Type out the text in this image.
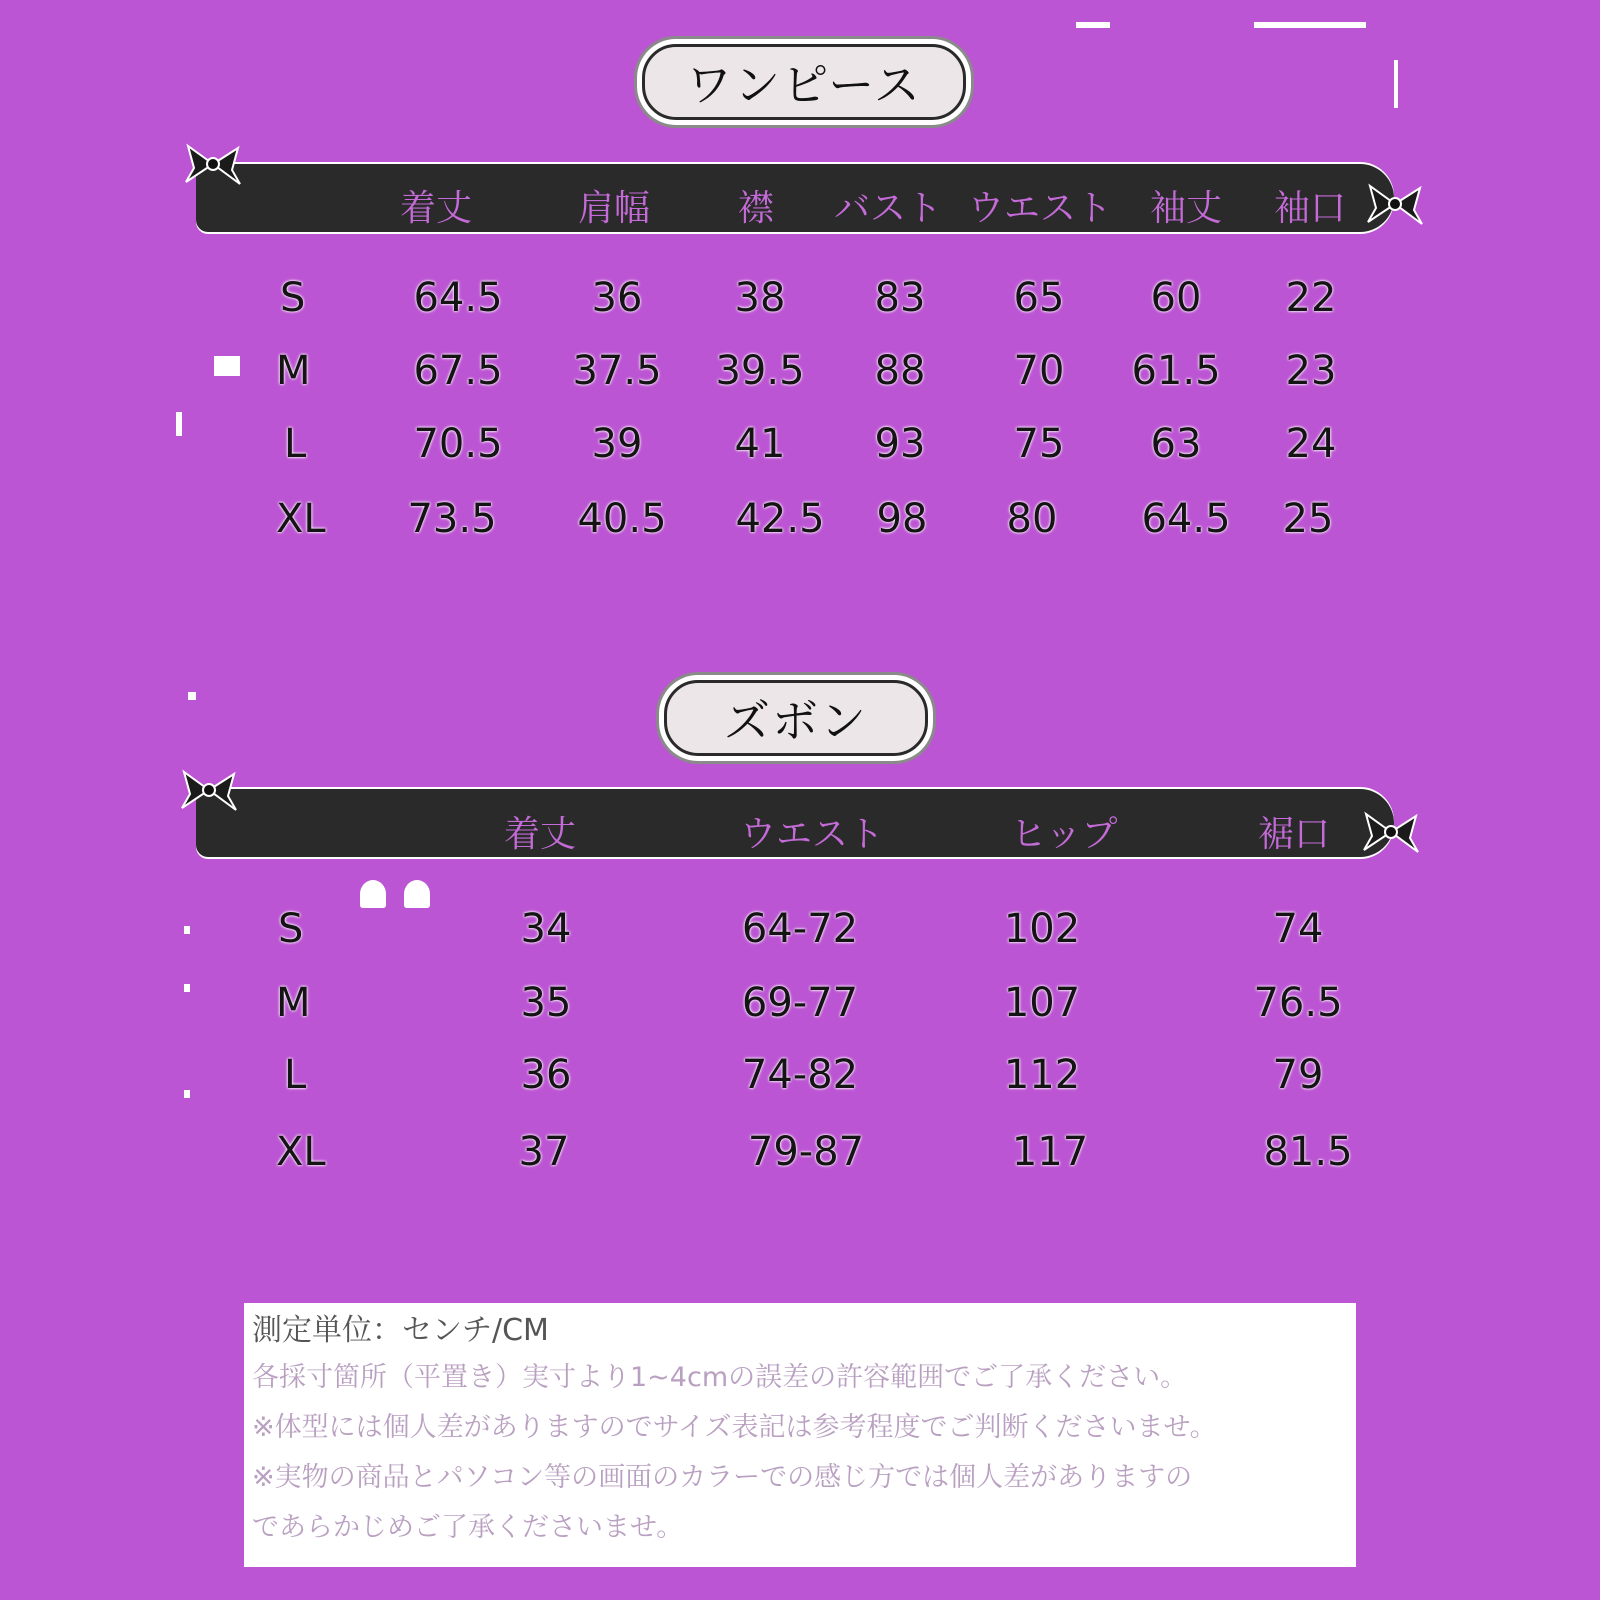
ワンピース
着丈	肩幅 襟 バスト ウエスト 袖丈 袖口
S	64.5 36 38 83 65 60 22
M	67.5 37.5 39.5 88 70 61.5 23
L	70.5 39 41 93 75 63 24
XL 73.5 40.5 42.5 98 80 64.5 25
ズボン
着丈	ウエスト	ヒップ	裾口
S	34	64-72	102	74
M	35	69-77	107	76.5
L	36	74-82	112	79
XL	37	79-87	117	81.5
測定単位：センチ/CM
各採寸箇所（平置き）実寸より1~4cmの誤差の許容範囲でご了承ください。
※体型には個人差がありますのでサイズ表記は参考程度でご判断くださいませ。
※実物の商品とパソコン等の画面のカラーでの感じ方では個人差がありますの
であらかじめご了承くださいませ。
